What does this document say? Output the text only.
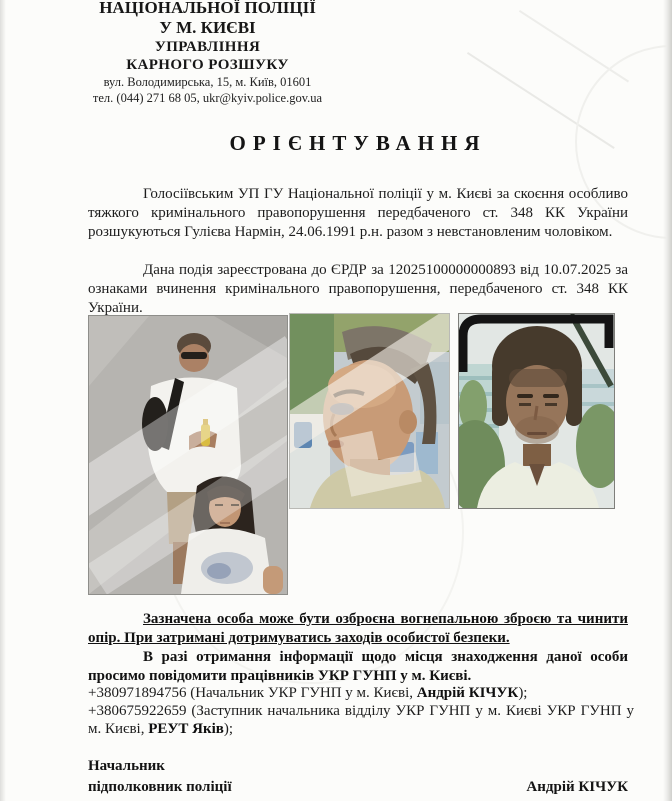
НАЦІОНАЛЬНОЇ ПОЛІЦІЇ
У М. КИЄВІ
УПРАВЛІННЯ
КАРНОГО РОЗШУКУ
вул. Володимирська, 15, м. Київ, 01601
тел. (044) 271 68 05, ukr@kyiv.police.gov.ua
ОРІЄНТУВАННЯ

Голосіївським УП ГУ Національної поліції у м. Києві за скоєння особливо тяжкого кримінального правопорушення передбаченого ст. 348 КК України розшукуються Гулієва Нармін, 24.06.1991 р.н. разом з невстановленим чоловіком.

Дана подія зареєстрована до ЄРДР за 12025100000000893 від 10.07.2025 за ознаками вчинення кримінального правопорушення, передбаченого ст. 348 КК України.

Зазначена особа може бути озброєна вогнепальною зброєю та чинити опір. При затримані дотримуватись заходів особистої безпеки.

В разі отримання інформації щодо місця знаходження даної особи просимо повідомити працівників УКР ГУНП у м. Києві.

+380971894756 (Начальник УКР ГУНП у м. Києві, Андрій КІЧУК);

+380675922659 (Заступник начальника відділу УКР ГУНП у м. Києві УКР ГУНП у м. Києві, РЕУТ Яків);

Начальник
підполковник поліції	Андрій КІЧУК
